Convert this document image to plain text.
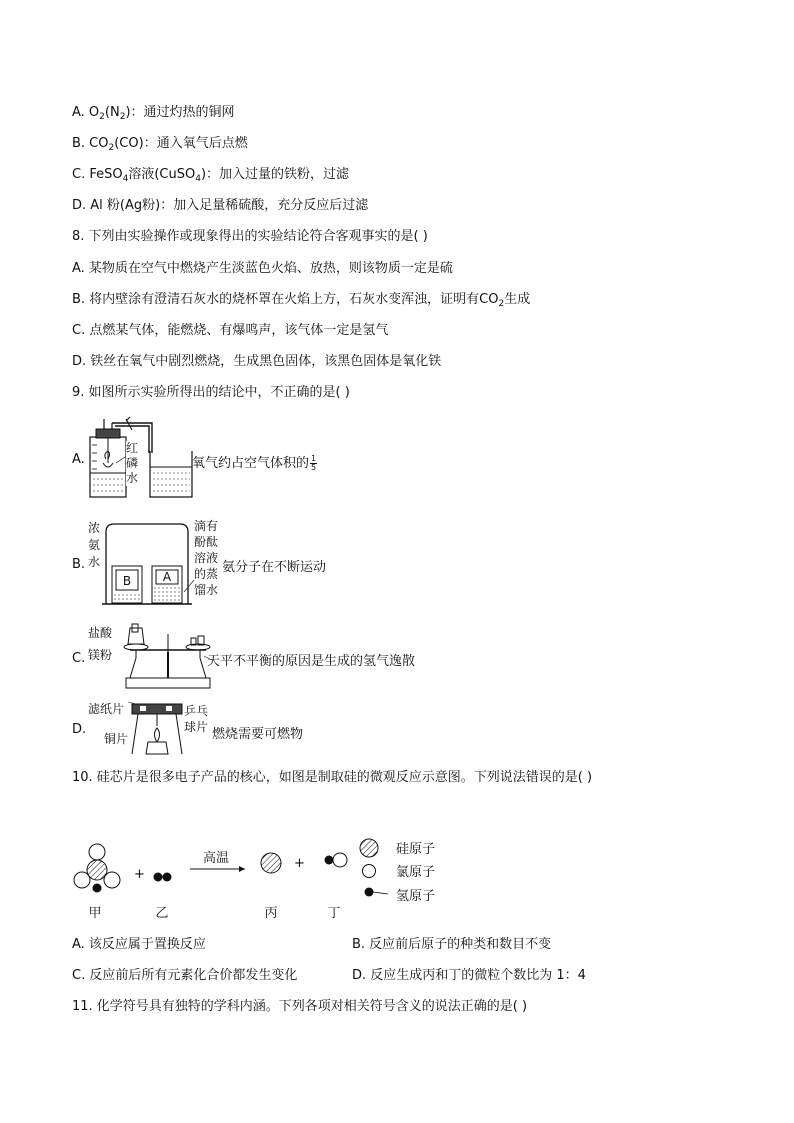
A. $O_2(N_2)$：通过灼热的铜网
B. $CO_2(CO)$：通入氧气后点燃
C. FeSO$_4$溶液(CuSO$_4$)：加入过量的铁粉，过滤
D. Al 粉(Ag粉)：加入足量稀硫酸，充分反应后过滤
8. 下列由实验操作或现象得出的实验结论符合客观事实的是( )
A. 某物质在空气中燃烧产生淡蓝色火焰、放热，则该物质一定是硫
B. 将内壁涂有澄清石灰水的烧杯罩在火焰上方，石灰水变浑浊，证明有$CO_2$生成
C. 点燃某气体，能燃烧、有爆鸣声，该气体一定是氢气
D. 铁丝在氧气中剧烈燃烧，生成黑色固体，该黑色固体是氧化铁
9. 如图所示实验所得出的结论中，不正确的是( )
A.
红
磷
水
氧气约占空气体积的 $\frac{1}{5}$
B.
浓
氨
水
B	A
滴有
酚酞
溶液
的蒸
馏水
氨分子在不断运动
C.
盐酸
镁粉	天平不平衡的原因是生成的氢气逸散
D.
滤纸片
铜片
乒乓
球片 燃烧需要可燃物
10. 硅芯片是很多电子产品的核心，如图是制取硅的微观反应示意图。下列说法错误的是( )
+
高温	+
甲	乙	丙	丁
硅原子
氯原子
氢原子
A. 该反应属于置换反应	B. 反应前后原子的种类和数目不变
C. 反应前后所有元素化合价都发生变化	D. 反应生成丙和丁的微粒个数比为 1：4
11. 化学符号具有独特的学科内涵。下列各项对相关符号含义的说法正确的是( )
